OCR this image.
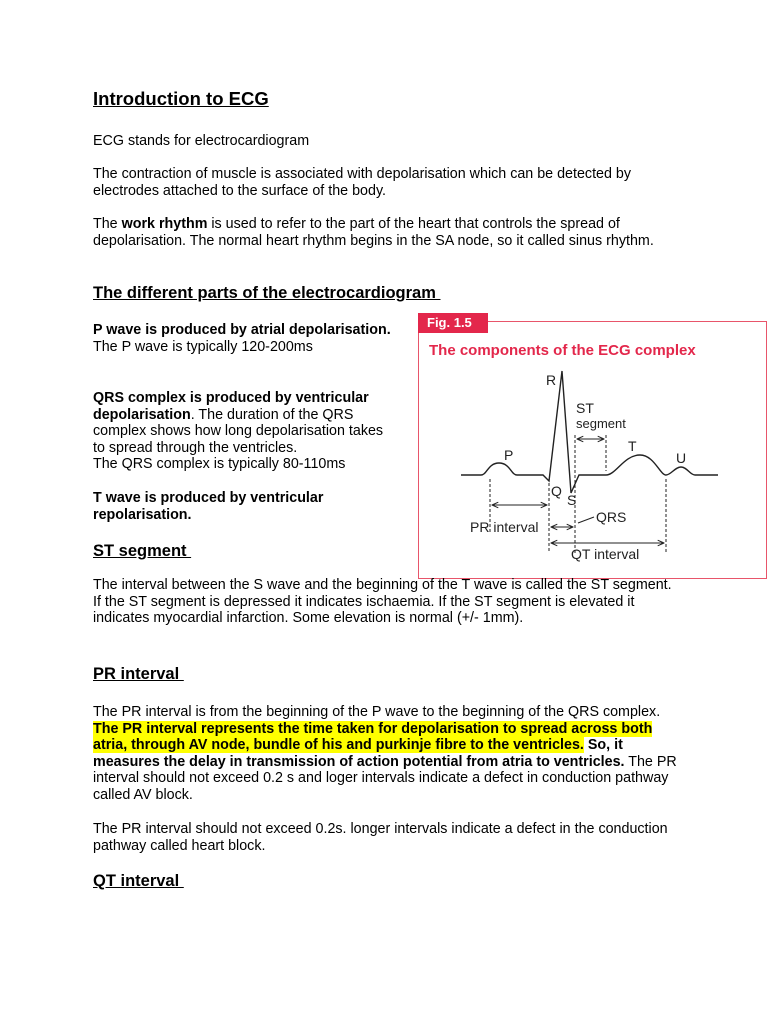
Introduction to ECG

ECG stands for electrocardiogram

The contraction of muscle is associated with depolarisation which can be detected by electrodes attached to the surface of the body.

The work rhythm is used to refer to the part of the heart that controls the spread of depolarisation. The normal heart rhythm begins in the SA node, so it called sinus rhythm.

The different parts of the electrocardiogram

P wave is produced by atrial depolarisation.
The P wave is typically 120-200ms

QRS complex is produced by ventricular depolarisation. The duration of the QRS complex shows how long depolarisation takes to spread through the ventricles.
The QRS complex is typically 80-110ms

T wave is produced by ventricular repolarisation.

Fig. 1.5

The components of the ECG complex

R
P
Q
S
T
U
ST
segment
PR interval
QRS
QT interval
ST segment

The interval between the S wave and the beginning of the T wave is called the ST segment. If the ST segment is depressed it indicates ischaemia. If the ST segment is elevated it indicates myocardial infarction. Some elevation is normal (+/- 1mm).

PR interval

The PR interval is from the beginning of the P wave to the beginning of the QRS complex. The PR interval represents the time taken for depolarisation to spread across both atria, through AV node, bundle of his and purkinje fibre to the ventricles. So, it measures the delay in transmission of action potential from atria to ventricles. The PR interval should not exceed 0.2 s and loger intervals indicate a defect in conduction pathway called AV block.

The PR interval should not exceed 0.2s. longer intervals indicate a defect in the conduction pathway called heart block.

QT interval
